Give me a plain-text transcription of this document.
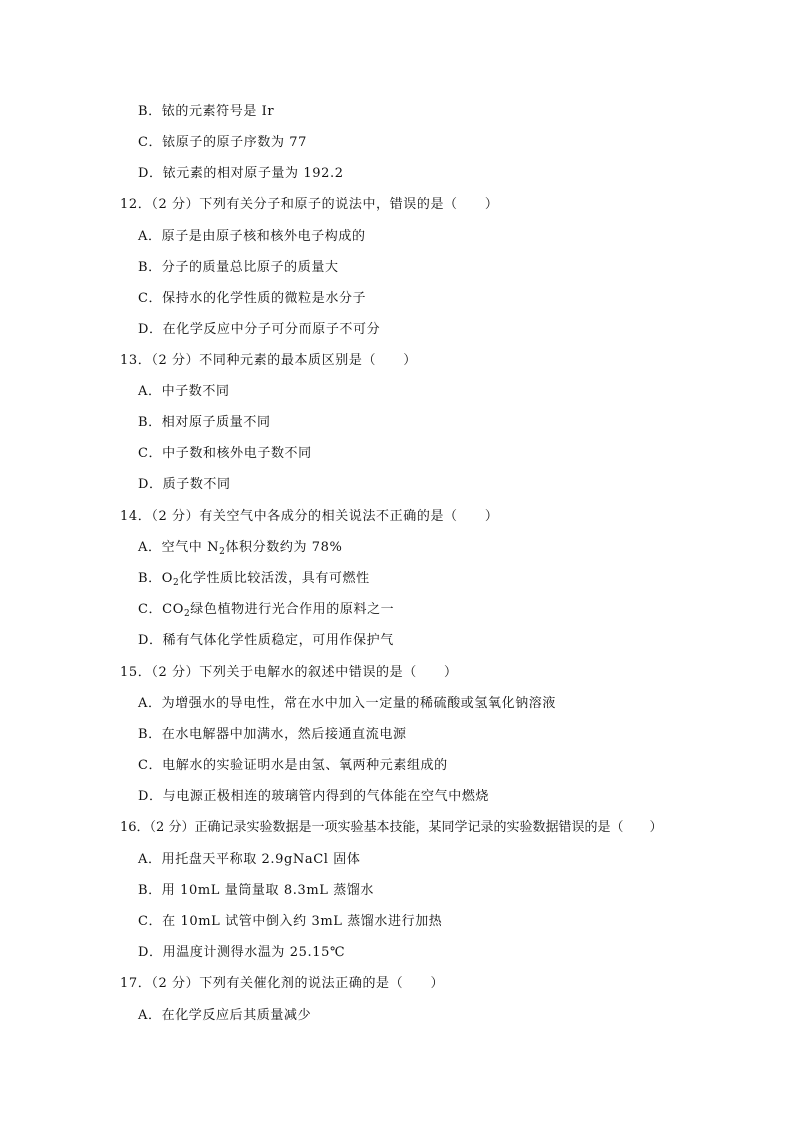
B．铱的元素符号是 Ir
C．铱原子的原子序数为 77
D．铱元素的相对原子量为 192.2
12．（2 分）下列有关分子和原子的说法中，错误的是（　　）
A．原子是由原子核和核外电子构成的
B．分子的质量总比原子的质量大
C．保持水的化学性质的微粒是水分子
D．在化学反应中分子可分而原子不可分
13．（2 分）不同种元素的最本质区别是（　　）
A．中子数不同
B．相对原子质量不同
C．中子数和核外电子数不同
D．质子数不同
14．（2 分）有关空气中各成分的相关说法不正确的是（　　）
A．空气中 $N_2$体积分数约为 78%
B．$O_2$化学性质比较活泼，具有可燃性
C．$CO_2$绿色植物进行光合作用的原料之一
D．稀有气体化学性质稳定，可用作保护气
15．（2 分）下列关于电解水的叙述中错误的是（　　）
A．为增强水的导电性，常在水中加入一定量的稀硫酸或氢氧化钠溶液
B．在水电解器中加满水，然后接通直流电源
C．电解水的实验证明水是由氢、氧两种元素组成的
D．与电源正极相连的玻璃管内得到的气体能在空气中燃烧
16．（2 分）正确记录实验数据是一项实验基本技能，某同学记录的实验数据错误的是（　　）
A．用托盘天平称取 2.9gNaCl 固体
B．用 10mL 量筒量取 8.3mL 蒸馏水
C．在 10mL 试管中倒入约 3mL 蒸馏水进行加热
D．用温度计测得水温为 25.15℃
17．（2 分）下列有关催化剂的说法正确的是（　　）
A．在化学反应后其质量减少
